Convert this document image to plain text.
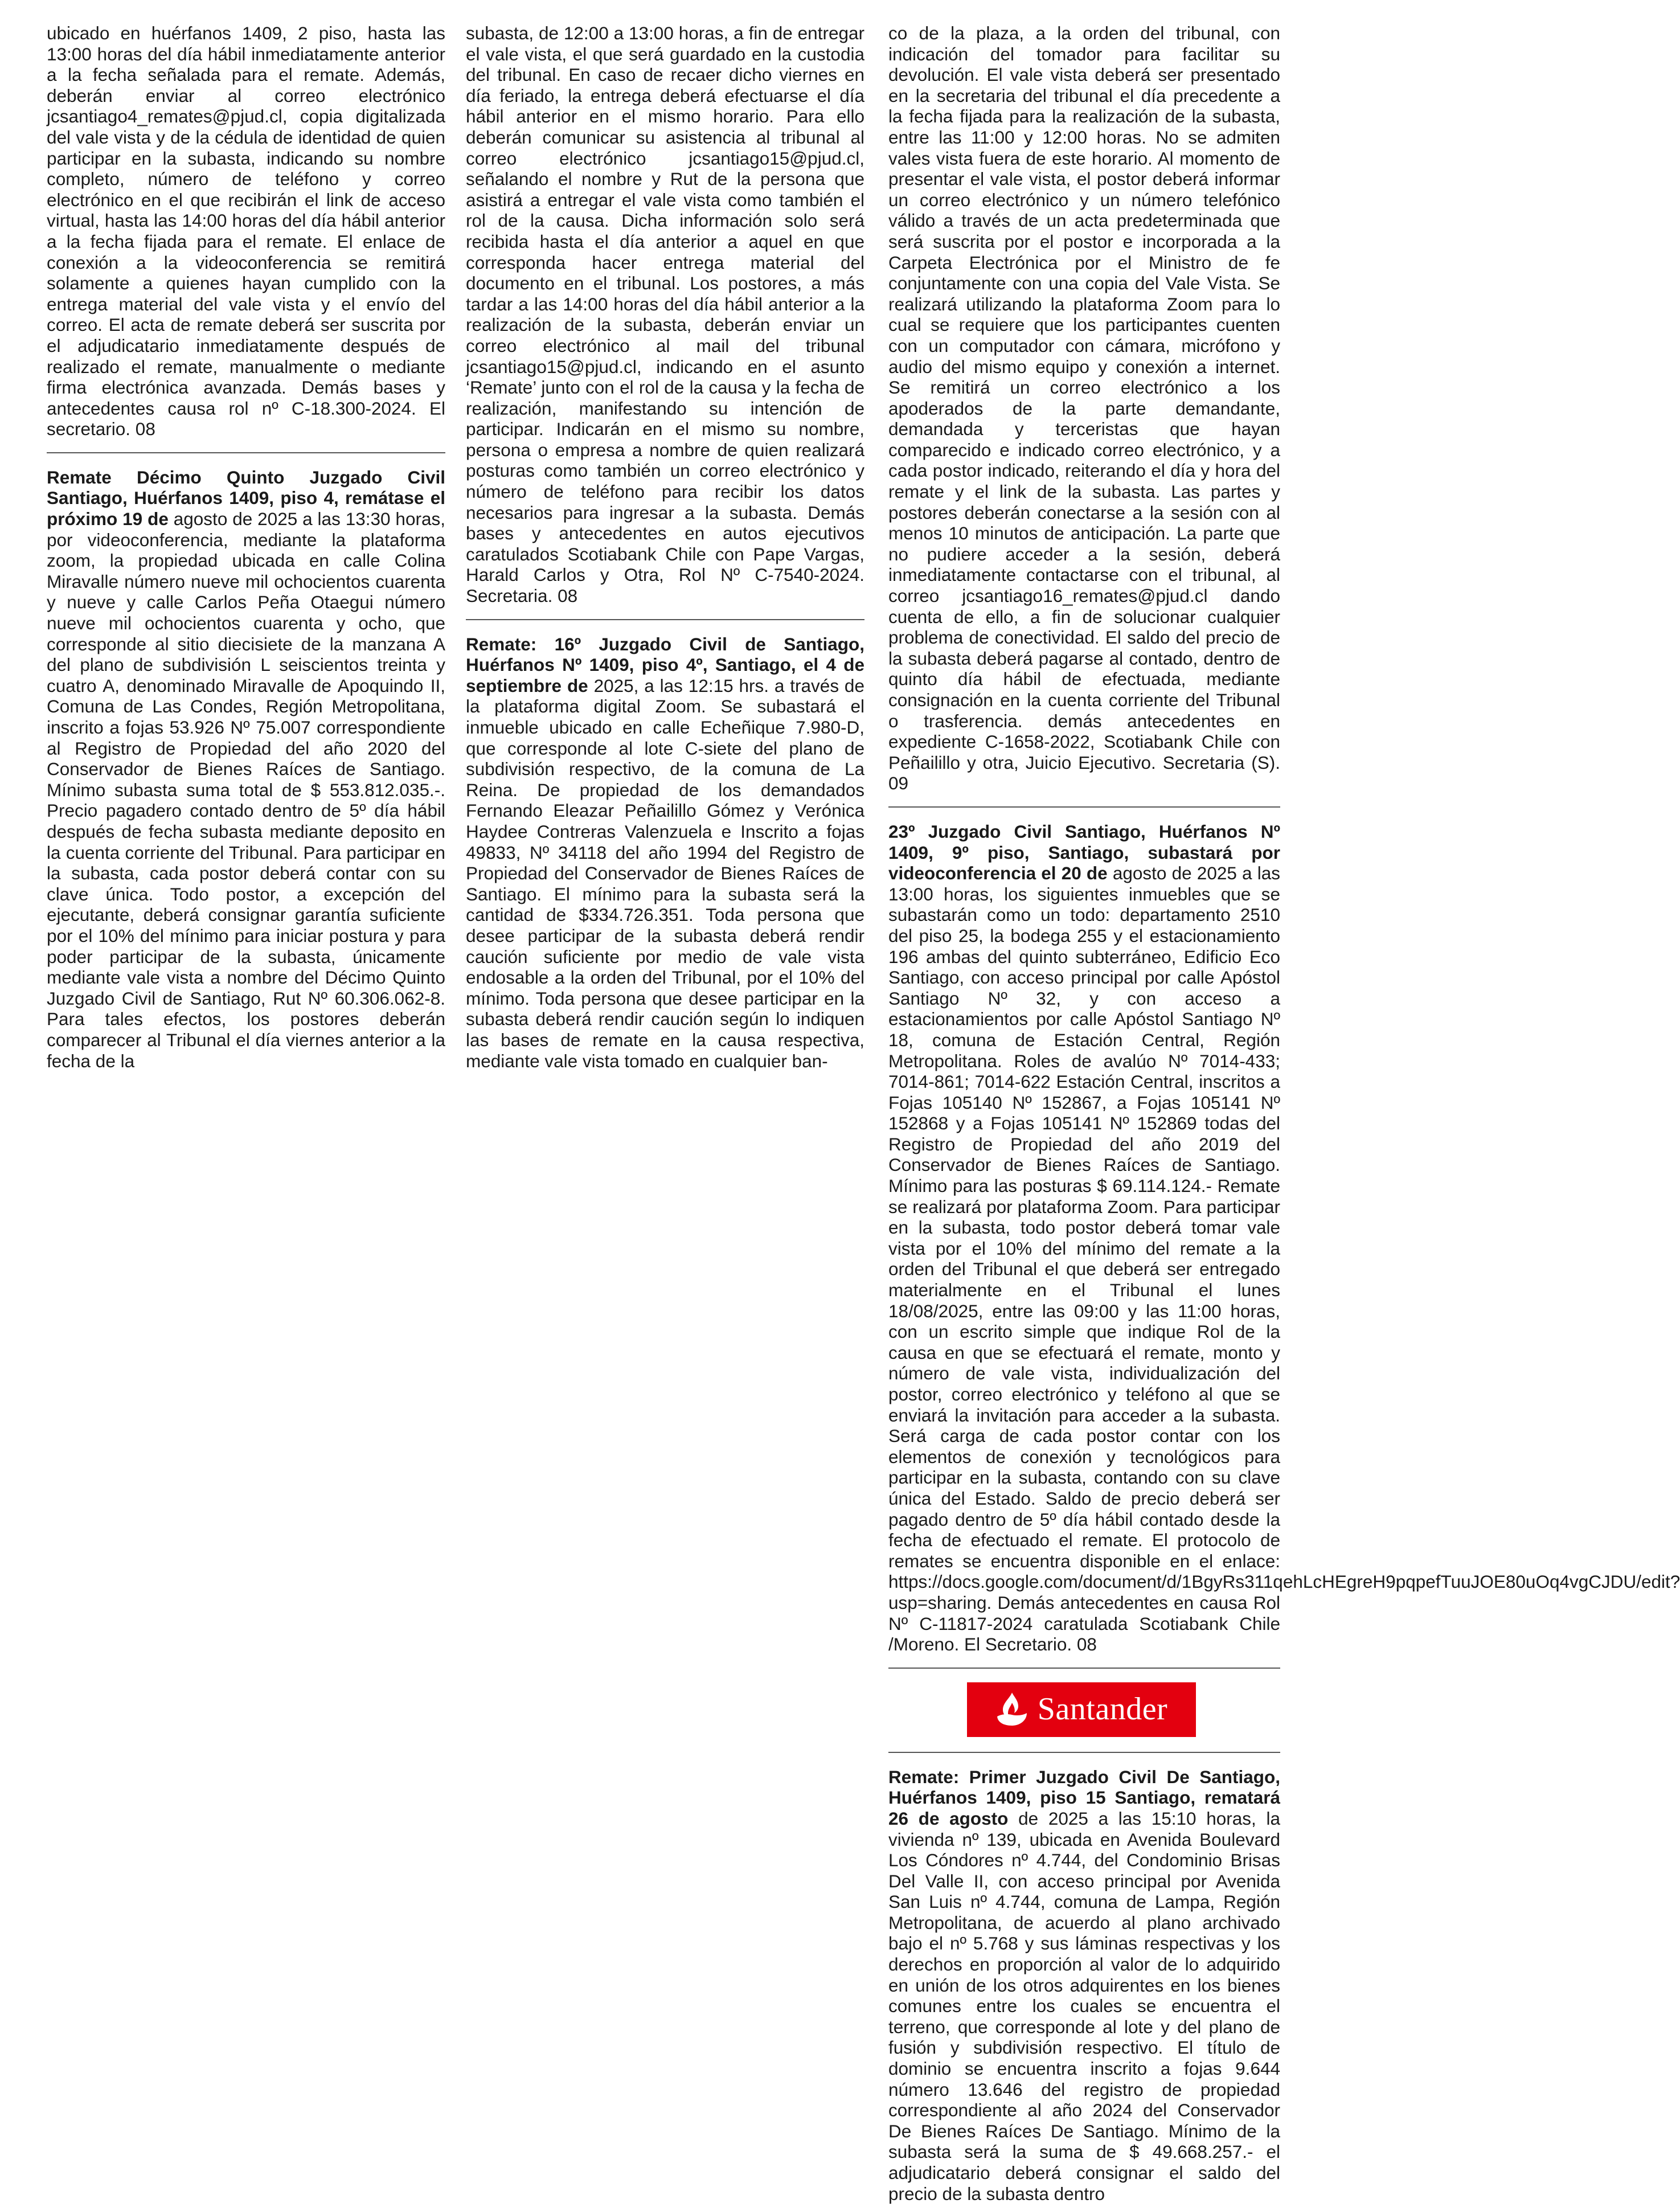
ubicado en huérfanos 1409, 2 piso, hasta las 13:00 horas del día hábil inmediatamente anterior a la fecha señalada para el remate. Además, deberán enviar al correo electrónico jcsantiago4_remates@pjud.cl, copia digitalizada del vale vista y de la cédula de identidad de quien participar en la subasta, indicando su nombre completo, número de teléfono y correo electrónico en el que recibirán el link de acceso virtual, hasta las 14:00 horas del día hábil anterior a la fecha fijada para el remate. El enlace de conexión a la videoconferencia se remitirá solamente a quienes hayan cumplido con la entrega material del vale vista y el envío del correo. El acta de remate deberá ser suscrita por el adjudicatario inmediatamente después de realizado el remate, manualmente o mediante firma electrónica avanzada. Demás bases y antecedentes causa rol nº C-18.300-2024. El secretario. 08

Remate Décimo Quinto Juzgado Civil Santiago, Huérfanos 1409, piso 4, remátase el próximo 19 de agosto de 2025 a las 13:30 horas, por videoconferencia, mediante la plataforma zoom, la propiedad ubicada en calle Colina Miravalle número nueve mil ochocientos cuarenta y nueve y calle Carlos Peña Otaegui número nueve mil ochocientos cuarenta y ocho, que corresponde al sitio diecisiete de la manzana A del plano de subdivisión L seiscientos treinta y cuatro A, denominado Miravalle de Apoquindo II, Comuna de Las Condes, Región Metropolitana, inscrito a fojas 53.926 Nº 75.007 correspondiente al Registro de Propiedad del año 2020 del Conservador de Bienes Raíces de Santiago. Mínimo subasta suma total de $ 553.812.035.-. Precio pagadero contado dentro de 5º día hábil después de fecha subasta mediante deposito en la cuenta corriente del Tribunal. Para participar en la subasta, cada postor deberá contar con su clave única. Todo postor, a excepción del ejecutante, deberá consignar garantía suficiente por el 10% del mínimo para iniciar postura y para poder participar de la subasta, únicamente mediante vale vista a nombre del Décimo Quinto Juzgado Civil de Santiago, Rut Nº 60.306.062-8. Para tales efectos, los postores deberán comparecer al Tribunal el día viernes anterior a la fecha de la

subasta, de 12:00 a 13:00 horas, a fin de entregar el vale vista, el que será guardado en la custodia del tribunal. En caso de recaer dicho viernes en día feriado, la entrega deberá efectuarse el día hábil anterior en el mismo horario. Para ello deberán comunicar su asistencia al tribunal al correo electrónico jcsantiago15@pjud.cl, señalando el nombre y Rut de la persona que asistirá a entregar el vale vista como también el rol de la causa. Dicha información solo será recibida hasta el día anterior a aquel en que corresponda hacer entrega material del documento en el tribunal. Los postores, a más tardar a las 14:00 horas del día hábil anterior a la realización de la subasta, deberán enviar un correo electrónico al mail del tribunal jcsantiago15@pjud.cl, indicando en el asunto ‘Remate’ junto con el rol de la causa y la fecha de realización, manifestando su intención de participar. Indicarán en el mismo su nombre, persona o empresa a nombre de quien realizará posturas como también un correo electrónico y número de teléfono para recibir los datos necesarios para ingresar a la subasta. Demás bases y antecedentes en autos ejecutivos caratulados Scotiabank Chile con Pape Vargas, Harald Carlos y Otra, Rol Nº C-7540-2024. Secretaria. 08

Remate: 16º Juzgado Civil de Santiago, Huérfanos Nº 1409, piso 4º, Santiago, el 4 de septiembre de 2025, a las 12:15 hrs. a través de la plataforma digital Zoom. Se subastará el inmueble ubicado en calle Echeñique 7.980-D, que corresponde al lote C-siete del plano de subdivisión respectivo, de la comuna de La Reina. De propiedad de los demandados Fernando Eleazar Peñailillo Gómez y Verónica Haydee Contreras Valenzuela e Inscrito a fojas 49833, Nº 34118 del año 1994 del Registro de Propiedad del Conservador de Bienes Raíces de Santiago. El mínimo para la subasta será la cantidad de $334.726.351. Toda persona que desee participar de la subasta deberá rendir caución suficiente por medio de vale vista endosable a la orden del Tribunal, por el 10% del mínimo. Toda persona que desee participar en la subasta deberá rendir caución según lo indiquen las bases de remate en la causa respectiva, mediante vale vista tomado en cualquier ban-

co de la plaza, a la orden del tribunal, con indicación del tomador para facilitar su devolución. El vale vista deberá ser presentado en la secretaria del tribunal el día precedente a la fecha fijada para la realización de la subasta, entre las 11:00 y 12:00 horas. No se admiten vales vista fuera de este horario. Al momento de presentar el vale vista, el postor deberá informar un correo electrónico y un número telefónico válido a través de un acta predeterminada que será suscrita por el postor e incorporada a la Carpeta Electrónica por el Ministro de fe conjuntamente con una copia del Vale Vista. Se realizará utilizando la plataforma Zoom para lo cual se requiere que los participantes cuenten con un computador con cámara, micrófono y audio del mismo equipo y conexión a internet. Se remitirá un correo electrónico a los apoderados de la parte demandante, demandada y terceristas que hayan comparecido e indicado correo electrónico, y a cada postor indicado, reiterando el día y hora del remate y el link de la subasta. Las partes y postores deberán conectarse a la sesión con al menos 10 minutos de anticipación. La parte que no pudiere acceder a la sesión, deberá inmediatamente contactarse con el tribunal, al correo jcsantiago16_remates@pjud.cl dando cuenta de ello, a fin de solucionar cualquier problema de conectividad. El saldo del precio de la subasta deberá pagarse al contado, dentro de quinto día hábil de efectuada, mediante consignación en la cuenta corriente del Tribunal o trasferencia. demás antecedentes en expediente C-1658-2022, Scotiabank Chile con Peñailillo y otra, Juicio Ejecutivo. Secretaria (S). 09

23º Juzgado Civil Santiago, Huérfanos Nº 1409, 9º piso, Santiago, subastará por videoconferencia el 20 de agosto de 2025 a las 13:00 horas, los siguientes inmuebles que se subastarán como un todo: departamento 2510 del piso 25, la bodega 255 y el estacionamiento 196 ambas del quinto subterráneo, Edificio Eco Santiago, con acceso principal por calle Apóstol Santiago Nº 32, y con acceso a estacionamientos por calle Apóstol Santiago Nº 18, comuna de Estación Central, Región Metropolitana. Roles de avalúo Nº 7014-433; 7014-861; 7014-622 Estación Central, inscritos a Fojas 105140 Nº 152867, a Fojas 105141 Nº 152868 y a Fojas 105141 Nº 152869 todas del Registro de Propiedad del año 2019 del Conservador de Bienes Raíces de Santiago. Mínimo para las posturas $ 69.114.124.- Remate se realizará por plataforma Zoom. Para participar en la subasta, todo postor deberá tomar vale vista por el 10% del mínimo del remate a la orden del Tribunal el que deberá ser entregado materialmente en el Tribunal el lunes 18/08/2025, entre las 09:00 y las 11:00 horas, con un escrito simple que indique Rol de la causa en que se efectuará el remate, monto y número de vale vista, individualización del postor, correo electrónico y teléfono al que se enviará la invitación para acceder a la subasta. Será carga de cada postor contar con los elementos de conexión y tecnológicos para participar en la subasta, contando con su clave única del Estado. Saldo de precio deberá ser pagado dentro de 5º día hábil contado desde la fecha de efectuado el remate. El protocolo de remates se encuentra disponible en el enlace: https://docs.google.com/document/d/1BgyRs311qehLcHEgreH9pqpefTuuJOE80uOq4vgCJDU/edit?usp=sharing. Demás antecedentes en causa Rol Nº C-11817-2024 caratulada Scotiabank Chile /Moreno. El Secretario. 08

Santander

Remate: Primer Juzgado Civil De Santiago, Huérfanos 1409, piso 15 Santiago, rematará 26 de agosto de 2025 a las 15:10 horas, la vivienda nº 139, ubicada en Avenida Boulevard Los Cóndores nº 4.744, del Condominio Brisas Del Valle II, con acceso principal por Avenida San Luis nº 4.744, comuna de Lampa, Región Metropolitana, de acuerdo al plano archivado bajo el nº 5.768 y sus láminas respectivas y los derechos en proporción al valor de lo adquirido en unión de los otros adquirentes en los bienes comunes entre los cuales se encuentra el terreno, que corresponde al lote y del plano de fusión y subdivisión respectivo. El título de dominio se encuentra inscrito a fojas 9.644 número 13.646 del registro de propiedad correspondiente al año 2024 del Conservador De Bienes Raíces De Santiago. Mínimo de la subasta será la suma de $ 49.668.257.- el adjudicatario deberá consignar el saldo del precio de la subasta dentro
